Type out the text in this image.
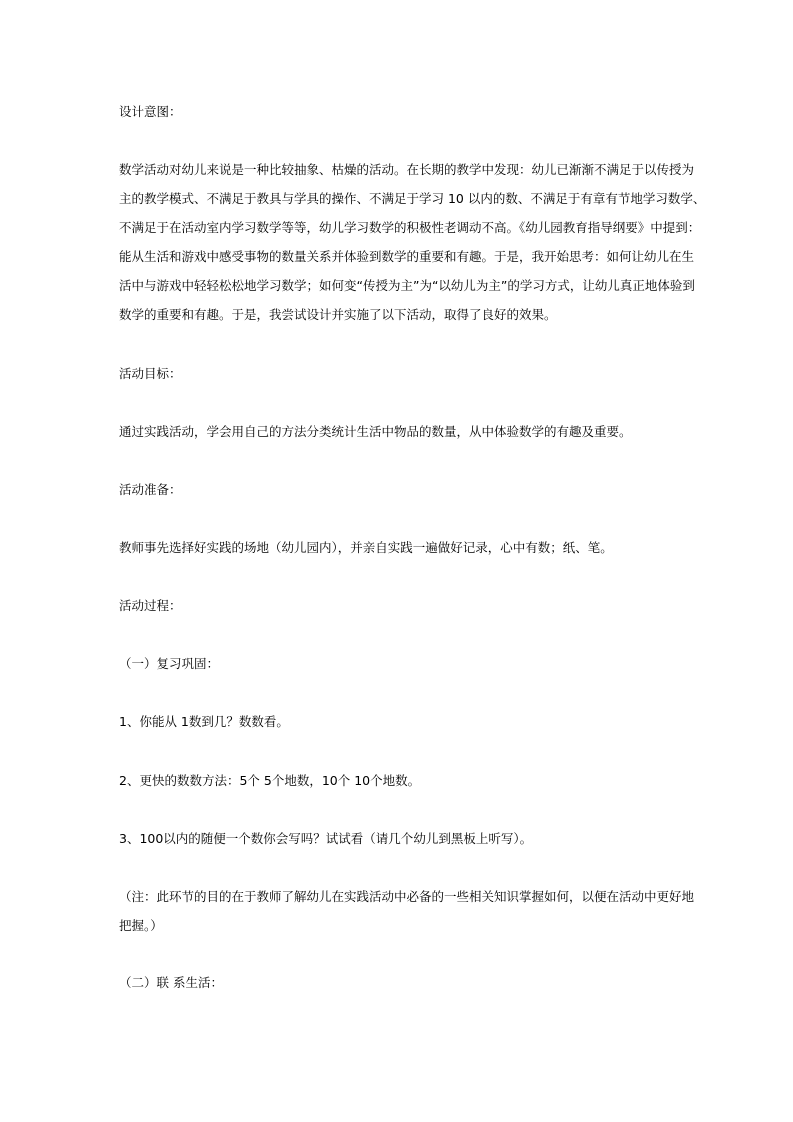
设计意图：

数学活动对幼儿来说是一种比较抽象、枯燥的活动。在长期的教学中发现：幼儿已渐渐不满足于以传授为
主的教学模式、不满足于教具与学具的操作、不满足于学习 10 以内的数、不满足于有章有节地学习数学、
不满足于在活动室内学习数学等等，幼儿学习数学的积极性老调动不高。《幼儿园教育指导纲要》中提到：
能从生活和游戏中感受事物的数量关系并体验到数学的重要和有趣。于是，我开始思考：如何让幼儿在生
活中与游戏中轻轻松松地学习数学；如何变“传授为主”为“以幼儿为主”的学习方式，让幼儿真正地体验到
数学的重要和有趣。于是，我尝试设计并实施了以下活动，取得了良好的效果。

活动目标：

通过实践活动，学会用自己的方法分类统计生活中物品的数量，从中体验数学的有趣及重要。

活动准备：

教师事先选择好实践的场地（幼儿园内），并亲自实践一遍做好记录，心中有数；纸、笔。

活动过程：

（一）复习巩固：

1、你能从 1数到几？数数看。

2、更快的数数方法：5个 5个地数，10个 10个地数。

3、100以内的随便一个数你会写吗？试试看（请几个幼儿到黑板上听写）。

（注：此环节的目的在于教师了解幼儿在实践活动中必备的一些相关知识掌握如何，以便在活动中更好地
把握。）

（二）联 系生活：
